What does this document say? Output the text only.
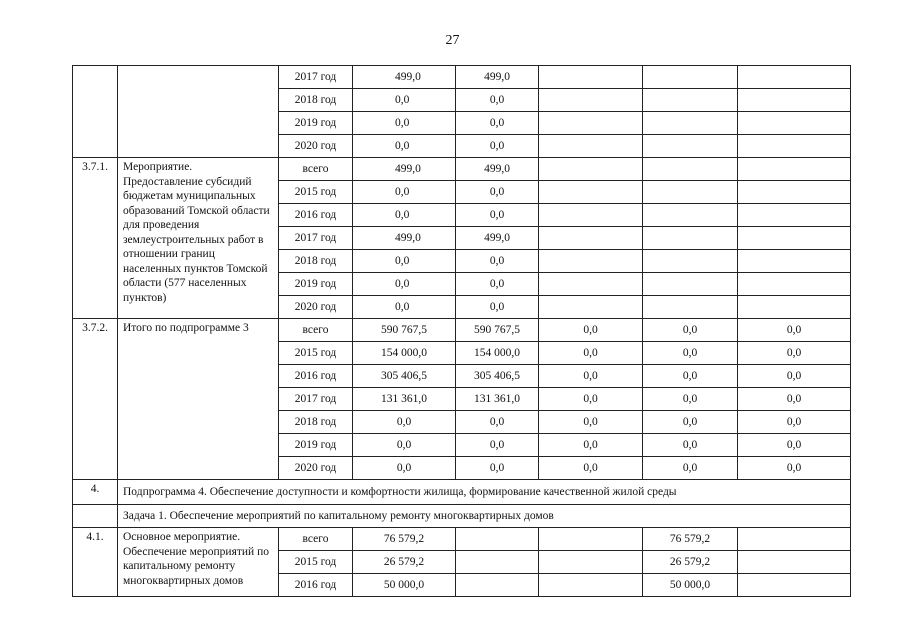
27
		2017 год	499,0	499,0			
		2018 год	0,0	0,0			
		2019 год	0,0	0,0			
		2020 год	0,0	0,0			
3.7.1.	Мероприятие. Предоставление субсидий бюджетам муниципальных образований Томской области для проведения землеустроительных работ в отношении границ населенных пунктов Томской области (577 населенных пунктов)	всего	499,0	499,0			
		2015 год	0,0	0,0			
		2016 год	0,0	0,0			
		2017 год	499,0	499,0			
		2018 год	0,0	0,0			
		2019 год	0,0	0,0			
		2020 год	0,0	0,0			
3.7.2.	Итого по подпрограмме 3	всего	590 767,5	590 767,5	0,0	0,0	0,0
		2015 год	154 000,0	154 000,0	0,0	0,0	0,0
		2016 год	305 406,5	305 406,5	0,0	0,0	0,0
		2017 год	131 361,0	131 361,0	0,0	0,0	0,0
		2018 год	0,0	0,0	0,0	0,0	0,0
		2019 год	0,0	0,0	0,0	0,0	0,0
		2020 год	0,0	0,0	0,0	0,0	0,0
4.	Подпрограмма 4. Обеспечение доступности и комфортности жилища, формирование качественной жилой среды						
	Задача 1. Обеспечение мероприятий по капитальному ремонту многоквартирных домов						
4.1.	Основное мероприятие. Обеспечение мероприятий по капитальному ремонту многоквартирных домов	всего	76 579,2			76 579,2	
		2015 год	26 579,2			26 579,2	
		2016 год	50 000,0			50 000,0	
